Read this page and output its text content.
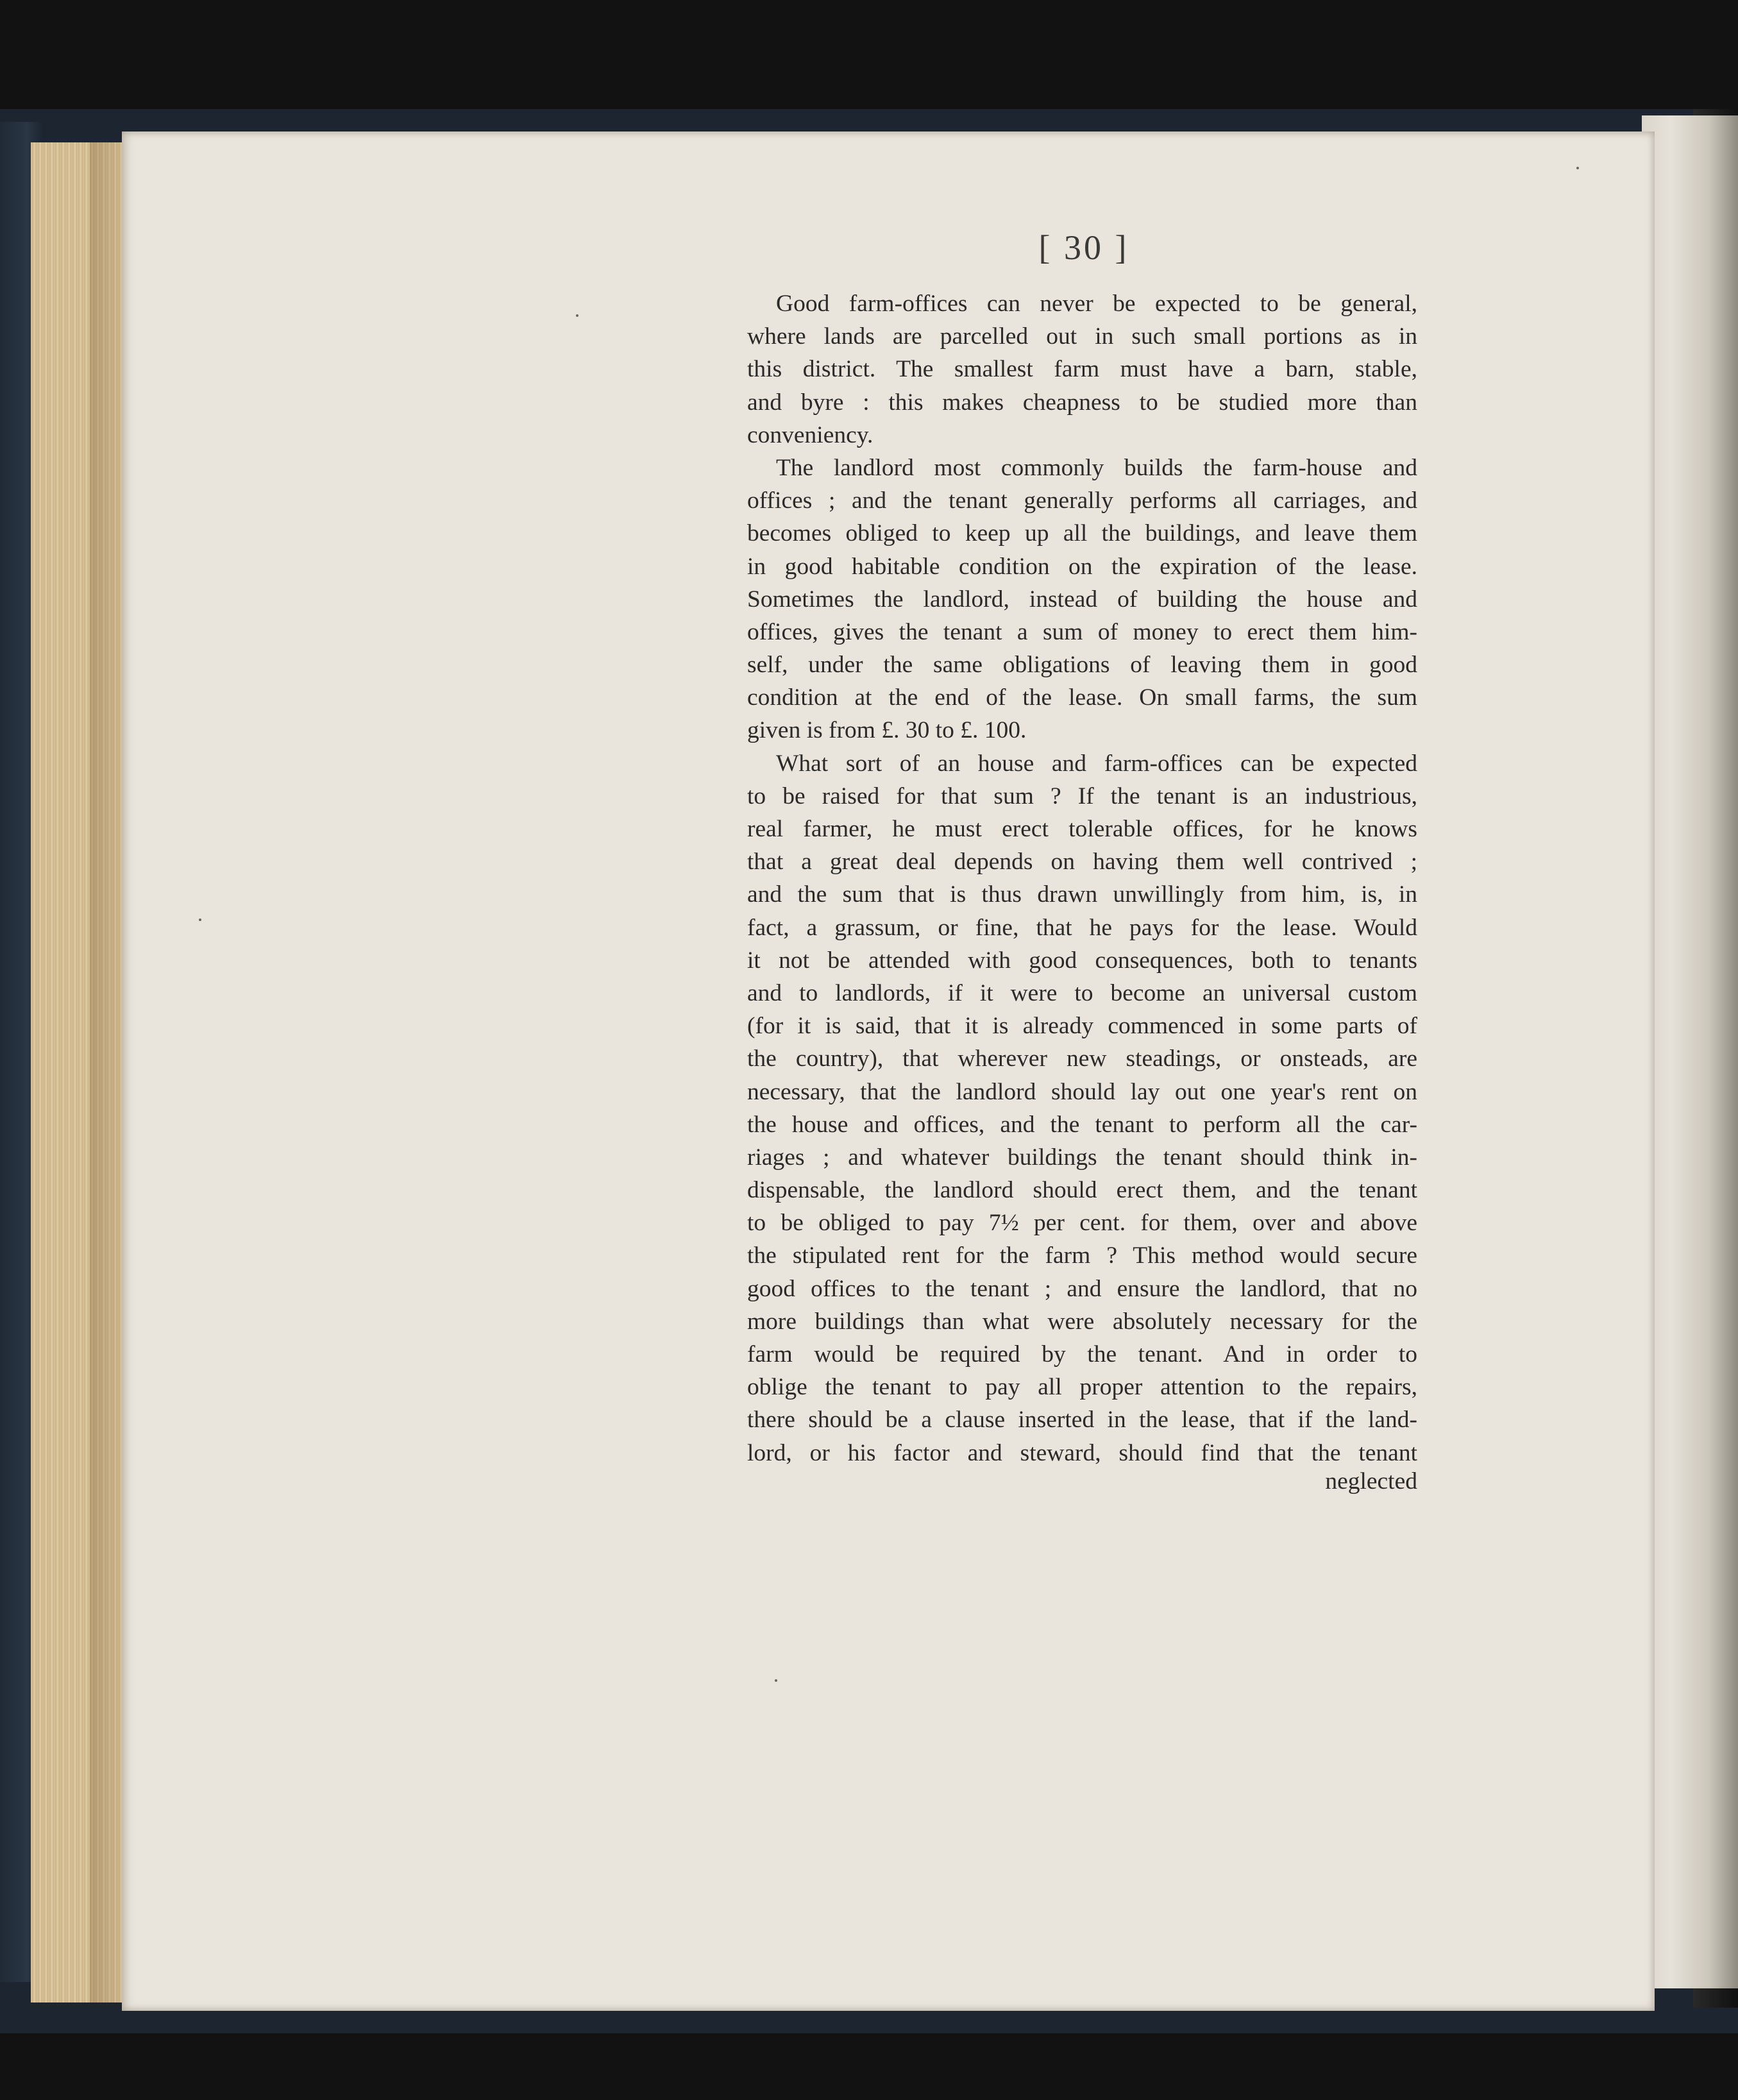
[ 30 ]
Good farm-offices can never be expected to be general,
where lands are parcelled out in such small portions as in
this district. The smallest farm must have a barn, stable,
and byre : this makes cheapness to be studied more than
conveniency.
The landlord most commonly builds the farm-house and
offices ; and the tenant generally performs all carriages, and
becomes obliged to keep up all the buildings, and leave them
in good habitable condition on the expiration of the lease.
Sometimes the landlord, instead of building the house and
offices, gives the tenant a sum of money to erect them him-
self, under the same obligations of leaving them in good
condition at the end of the lease. On small farms, the sum
given is from £. 30 to £. 100.
What sort of an house and farm-offices can be expected
to be raised for that sum ? If the tenant is an industrious,
real farmer, he must erect tolerable offices, for he knows
that a great deal depends on having them well contrived ;
and the sum that is thus drawn unwillingly from him, is, in
fact, a grassum, or fine, that he pays for the lease. Would
it not be attended with good consequences, both to tenants
and to landlords, if it were to become an universal custom
(for it is said, that it is already commenced in some parts of
the country), that wherever new steadings, or onsteads, are
necessary, that the landlord should lay out one year's rent on
the house and offices, and the tenant to perform all the car-
riages ; and whatever buildings the tenant should think in-
dispensable, the landlord should erect them, and the tenant
to be obliged to pay 7½ per cent. for them, over and above
the stipulated rent for the farm ? This method would secure
good offices to the tenant ; and ensure the landlord, that no
more buildings than what were absolutely necessary for the
farm would be required by the tenant. And in order to
oblige the tenant to pay all proper attention to the repairs,
there should be a clause inserted in the lease, that if the land-
lord, or his factor and steward, should find that the tenant
neglected
